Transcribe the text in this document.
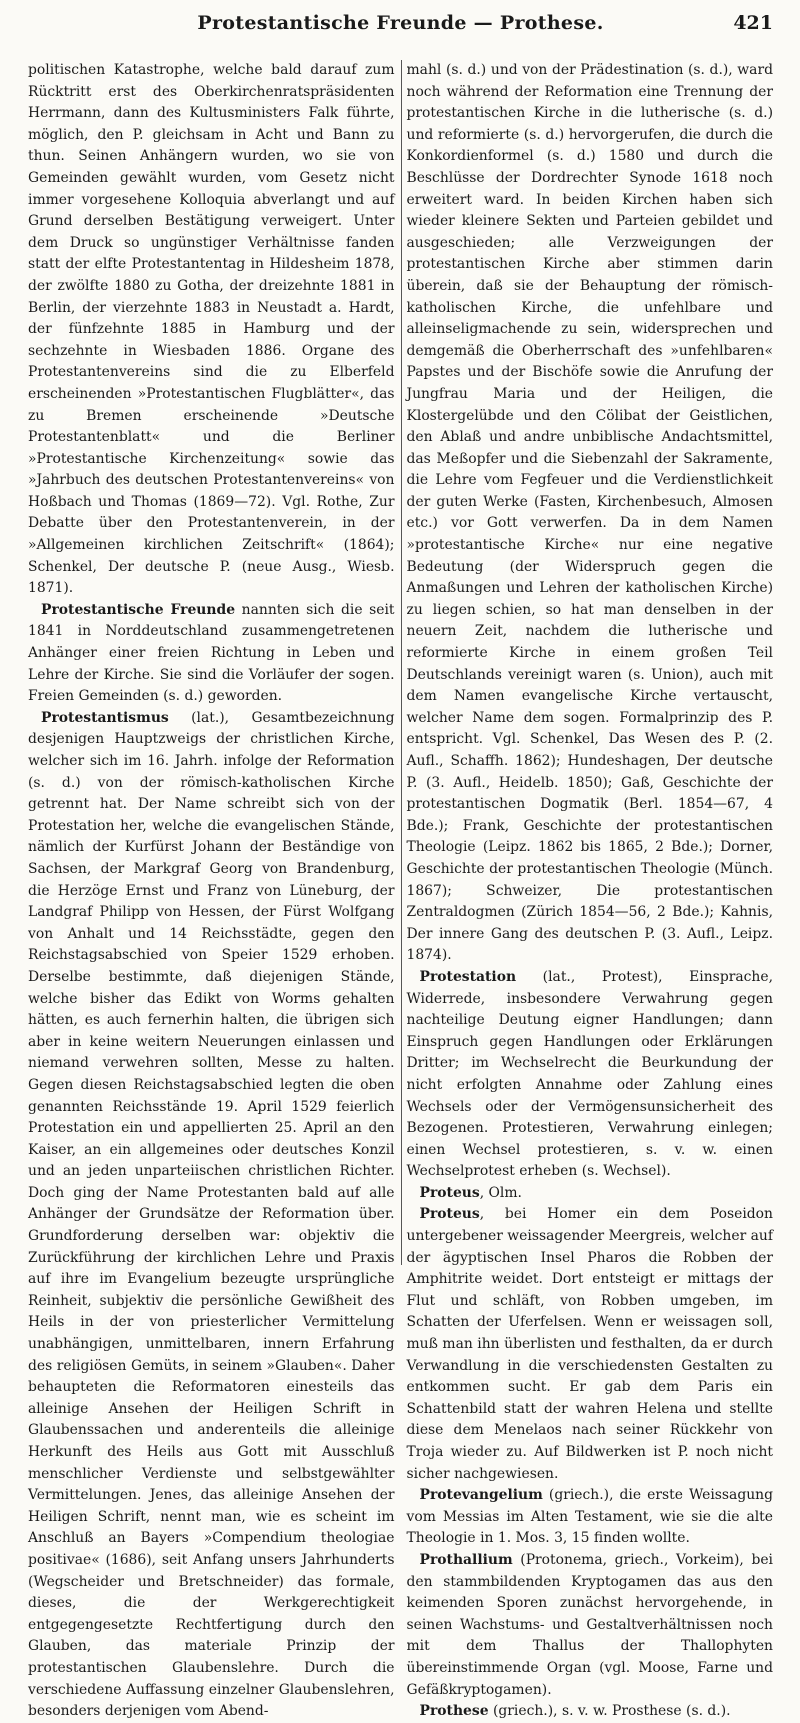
Protestantische Freunde — Prothese.	421

politischen Katastrophe, welche bald darauf zum Rücktritt erst des Oberkirchenratspräsidenten Herrmann, dann des Kultusministers Falk führte, möglich, den P. gleichsam in Acht und Bann zu thun. Seinen Anhängern wurden, wo sie von Gemeinden gewählt wurden, vom Gesetz nicht immer vorgesehene Kolloquia abverlangt und auf Grund derselben Bestätigung verweigert. Unter dem Druck so ungünstiger Verhältnisse fanden statt der elfte Protestantentag in Hildesheim 1878, der zwölfte 1880 zu Gotha, der dreizehnte 1881 in Berlin, der vierzehnte 1883 in Neustadt a. Hardt, der fünfzehnte 1885 in Hamburg und der sechzehnte in Wiesbaden 1886. Organe des Protestantenvereins sind die zu Elberfeld erscheinenden »Protestantischen Flugblätter«, das zu Bremen erscheinende »Deutsche Protestantenblatt« und die Berliner »Protestantische Kirchenzeitung« sowie das »Jahrbuch des deutschen Protestantenvereins« von Hoßbach und Thomas (1869—72). Vgl. Rothe, Zur Debatte über den Protestantenverein, in der »Allgemeinen kirchlichen Zeitschrift« (1864); Schenkel, Der deutsche P. (neue Ausg., Wiesb. 1871).

Protestantische Freunde nannten sich die seit 1841 in Norddeutschland zusammengetretenen Anhänger einer freien Richtung in Leben und Lehre der Kirche. Sie sind die Vorläufer der sogen. Freien Gemeinden (s. d.) geworden.

Protestantismus (lat.), Gesamtbezeichnung desjenigen Hauptzweigs der christlichen Kirche, welcher sich im 16. Jahrh. infolge der Reformation (s. d.) von der römisch-katholischen Kirche getrennt hat. Der Name schreibt sich von der Protestation her, welche die evangelischen Stände, nämlich der Kurfürst Johann der Beständige von Sachsen, der Markgraf Georg von Brandenburg, die Herzöge Ernst und Franz von Lüneburg, der Landgraf Philipp von Hessen, der Fürst Wolfgang von Anhalt und 14 Reichsstädte, gegen den Reichstagsabschied von Speier 1529 erhoben. Derselbe bestimmte, daß diejenigen Stände, welche bisher das Edikt von Worms gehalten hätten, es auch fernerhin halten, die übrigen sich aber in keine weitern Neuerungen einlassen und niemand verwehren sollten, Messe zu halten. Gegen diesen Reichstagsabschied legten die oben genannten Reichsstände 19. April 1529 feierlich Protestation ein und appellierten 25. April an den Kaiser, an ein allgemeines oder deutsches Konzil und an jeden unparteiischen christlichen Richter. Doch ging der Name Protestanten bald auf alle Anhänger der Grundsätze der Reformation über. Grundforderung derselben war: objektiv die Zurückführung der kirchlichen Lehre und Praxis auf ihre im Evangelium bezeugte ursprüngliche Reinheit, subjektiv die persönliche Gewißheit des Heils in der von priesterlicher Vermittelung unabhängigen, unmittelbaren, innern Erfahrung des religiösen Gemüts, in seinem »Glauben«. Daher behaupteten die Reformatoren einesteils das alleinige Ansehen der Heiligen Schrift in Glaubenssachen und anderenteils die alleinige Herkunft des Heils aus Gott mit Ausschluß menschlicher Verdienste und selbstgewählter Vermittelungen. Jenes, das alleinige Ansehen der Heiligen Schrift, nennt man, wie es scheint im Anschluß an Bayers »Compendium theologiae positivae« (1686), seit Anfang unsers Jahrhunderts (Wegscheider und Bretschneider) das formale, dieses, die der Werkgerechtigkeit entgegengesetzte Rechtfertigung durch den Glauben, das materiale Prinzip der protestantischen Glaubenslehre. Durch die verschiedene Auffassung einzelner Glaubenslehren, besonders derjenigen vom Abend-

mahl (s. d.) und von der Prädestination (s. d.), ward noch während der Reformation eine Trennung der protestantischen Kirche in die lutherische (s. d.) und reformierte (s. d.) hervorgerufen, die durch die Konkordienformel (s. d.) 1580 und durch die Beschlüsse der Dordrechter Synode 1618 noch erweitert ward. In beiden Kirchen haben sich wieder kleinere Sekten und Parteien gebildet und ausgeschieden; alle Verzweigungen der protestantischen Kirche aber stimmen darin überein, daß sie der Behauptung der römisch-katholischen Kirche, die unfehlbare und alleinseligmachende zu sein, widersprechen und demgemäß die Oberherrschaft des »unfehlbaren« Papstes und der Bischöfe sowie die Anrufung der Jungfrau Maria und der Heiligen, die Klostergelübde und den Cölibat der Geistlichen, den Ablaß und andre unbiblische Andachtsmittel, das Meßopfer und die Siebenzahl der Sakramente, die Lehre vom Fegfeuer und die Verdienstlichkeit der guten Werke (Fasten, Kirchenbesuch, Almosen etc.) vor Gott verwerfen. Da in dem Namen »protestantische Kirche« nur eine negative Bedeutung (der Widerspruch gegen die Anmaßungen und Lehren der katholischen Kirche) zu liegen schien, so hat man denselben in der neuern Zeit, nachdem die lutherische und reformierte Kirche in einem großen Teil Deutschlands vereinigt waren (s. Union), auch mit dem Namen evangelische Kirche vertauscht, welcher Name dem sogen. Formalprinzip des P. entspricht. Vgl. Schenkel, Das Wesen des P. (2. Aufl., Schaffh. 1862); Hundeshagen, Der deutsche P. (3. Aufl., Heidelb. 1850); Gaß, Geschichte der protestantischen Dogmatik (Berl. 1854—67, 4 Bde.); Frank, Geschichte der protestantischen Theologie (Leipz. 1862 bis 1865, 2 Bde.); Dorner, Geschichte der protestantischen Theologie (Münch. 1867); Schweizer, Die protestantischen Zentraldogmen (Zürich 1854—56, 2 Bde.); Kahnis, Der innere Gang des deutschen P. (3. Aufl., Leipz. 1874).

Protestation (lat., Protest), Einsprache, Widerrede, insbesondere Verwahrung gegen nachteilige Deutung eigner Handlungen; dann Einspruch gegen Handlungen oder Erklärungen Dritter; im Wechselrecht die Beurkundung der nicht erfolgten Annahme oder Zahlung eines Wechsels oder der Vermögensunsicherheit des Bezogenen. Protestieren, Verwahrung einlegen; einen Wechsel protestieren, s. v. w. einen Wechselprotest erheben (s. Wechsel).

Proteus, Olm.

Proteus, bei Homer ein dem Poseidon untergebener weissagender Meergreis, welcher auf der ägyptischen Insel Pharos die Robben der Amphitrite weidet. Dort entsteigt er mittags der Flut und schläft, von Robben umgeben, im Schatten der Uferfelsen. Wenn er weissagen soll, muß man ihn überlisten und festhalten, da er durch Verwandlung in die verschiedensten Gestalten zu entkommen sucht. Er gab dem Paris ein Schattenbild statt der wahren Helena und stellte diese dem Menelaos nach seiner Rückkehr von Troja wieder zu. Auf Bildwerken ist P. noch nicht sicher nachgewiesen.

Protevangelium (griech.), die erste Weissagung vom Messias im Alten Testament, wie sie die alte Theologie in 1. Mos. 3, 15 finden wollte.

Prothallium (Protonema, griech., Vorkeim), bei den stammbildenden Kryptogamen das aus den keimenden Sporen zunächst hervorgehende, in seinen Wachstums- und Gestaltverhältnissen noch mit dem Thallus der Thallophyten übereinstimmende Organ (vgl. Moose, Farne und Gefäßkryptogamen).

Prothese (griech.), s. v. w. Prosthese (s. d.).
